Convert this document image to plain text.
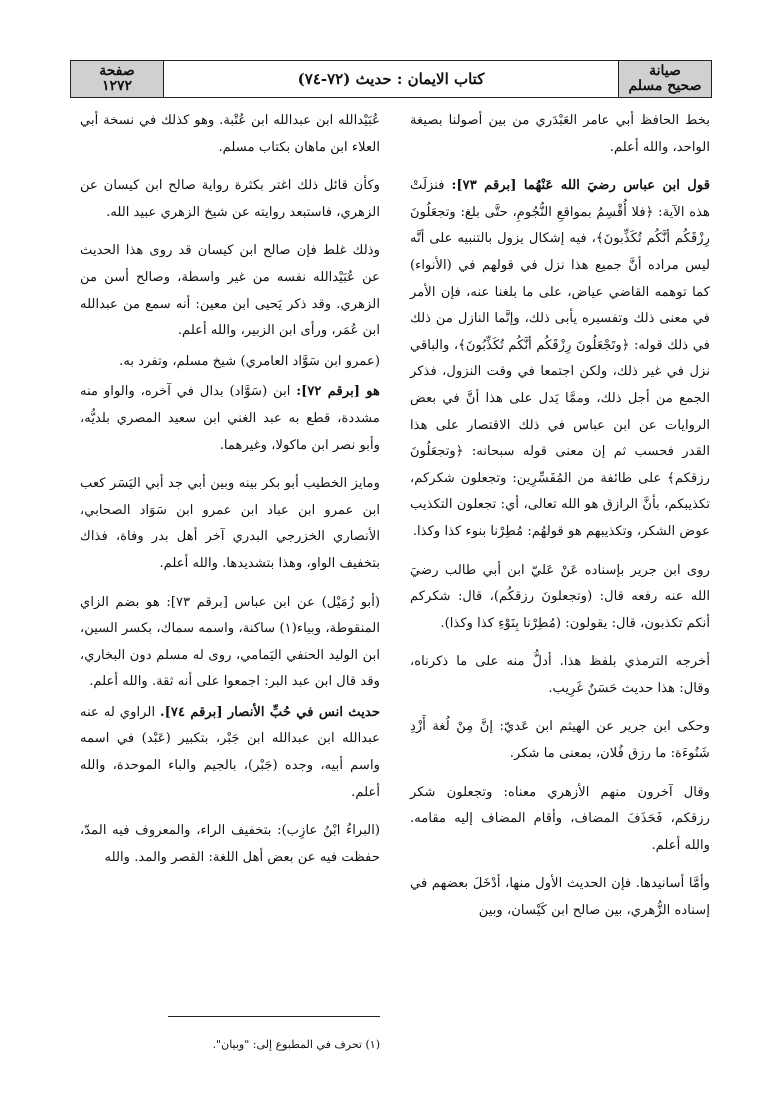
صفحة
١٢٧٢	كتاب الايمان : حديث (٧٢-٧٤)	صيانة
صحيح مسلم

بخط الحافظ أبي عامر العَبْدَري من بين أصولنا بصيغة الواحد، والله أعلم.

قول ابن عباس رضيَ الله عَنْهُما [برقم ٧٣]: فنزلَتْ هذه الآية: ﴿فلا أُقْسِمُ بمواقعِ النُّجُومِ، حتَّى بلغ: وتجعَلُونَ رِزْقَكُم أنَّكُم تُكَذِّبونَ﴾، فيه إشكال يزول بالتنبيه على أنَّه ليس مراده أنَّ جميع هذا نزل في قولهم في (الأنواء) كما توهمه القاضي عياض، على ما بلغنا عنه، فإن الأمر في معنى ذلك وتفسيره يأبى ذلك، وإنَّما النازل من ذلك في ذلك قوله: ﴿وتَجْعَلُونَ رِزْقَكُم أنَّكُم تُكَذِّبُونَ﴾، والباقي نزل في غير ذلك، ولكن اجتمعا في وقت النزول، فذكر الجمع من أجل ذلك، وممَّا يَدل على هذا أنَّ في بعض الروايات عن ابن عباس في ذلك الاقتصار على هذا القدر فحسب ثم إن معنى قوله سبحانه: ﴿وتجعَلُونَ رزقكم﴾ على طائفة من المُفَسِّرِين: وتجعلون شكركم، تكذيبكم، بأنَّ الرازق هو الله تعالى، أي: تجعلون التكذيب عوض الشكر، وتكذيبهم هو قولهُم: مُطِرْنا بنوء كذا وكذا.

روى ابن جرير بإسناده عَنْ عَليّ ابن أبي طالب رضيَ الله عنه رفعه قال: (وتجعلونَ رزقكُم)، قال: شكركم أنكم تكذبون، قال: يقولون: (مُطِرْنا بِنَوْءِ كذا وكذا).

أخرجه الترمذي بلفظ هذا. أدلُّ منه على ما ذكرناه، وقال: هذا حديث حَسَنٌ غَرِيب.

وحكى ابن جرير عن الهيثم ابن عَديّ: إنَّ مِنْ لُغة أَزْدِ شَنُوءَة: ما رزق فُلان، بمعنى ما شكر.

وقال آخرون منهم الأزهري معناه: وتجعلون شكر رزقكم، فَحَذَفَ المضاف، وأقام المضاف إليه مقامه. والله أعلم.

وأمَّا أسانيدها. فإن الحديث الأول منها، أدْخَلَ بعضهم في إسناده الزُّهري، بين صالح ابن كَيْسان، وبين

عُبَيْدالله ابن عبدالله ابن عُتْبة. وهو كذلك في نسخة أبي العلاء ابن ماهان بكتاب مسلم.

وكأن قائل ذلك اغتر بكثرة رواية صالح ابن كيسان عن الزهري، فاستبعد روايته عن شيخ الزهري عبيد الله.

وذلك غلط فإن صالح ابن كيسان قد روى هذا الحديث عن عُبَيْدالله نفسه من غير واسطة، وصالح أسن من الزهري. وقد ذكر يَحيى ابن معين: أنه سمع من عبدالله ابن عُمَر، ورأى ابن الزبير، والله أعلم.

(عمرو ابن سَوَّاد العامري) شيخ مسلم، وتفرد به.

هو [برقم ٧٢]: ابن (سَوَّاد) بدال في آخره، والواو منه مشددة، قطع به عبد الغني ابن سعيد المصري بلديُّه، وأبو نصر ابن ماكولا، وغيرهما.

ومايز الخطيب أبو بكر بينه وبين أبي جد أبي اليَسَر كعب ابن عمرو ابن عباد ابن عمرو ابن سَوَاد الصحابي، الأنصاري الخزرجي البدري آخر أهل بدر وفاة، فذاك بتخفيف الواو، وهذا بتشديدها. والله أعلم.

(أبو زُمَيْل) عن ابن عباس [برقم ٧٣]: هو بضم الزاي المنقوطة، وبياء(١) ساكنة، واسمه سماك، بكسر السين، ابن الوليد الحنفي اليَمامي، روى له مسلم دون البخاري، وقد قال ابن عبد البر: اجمعوا على أنه ثقة. والله أعلم.

حديث انس في حُبِّ الأنصار [برقم ٧٤]. الراوي له عنه عبدالله ابن عبدالله ابن جَبْر، بتكبير (عَبْد) في اسمه واسم أبيه، وجده (جَبْر)، بالجيم والباء الموحدة، والله أعلم.

(البراءُ ابْنُ عازِب): بتخفيف الراء، والمعروف فيه المدّ، حفظت فيه عن بعض أهل اللغة: القصر والمد. والله

(١) تحرف في المطبوع إلى: "وبيان".
